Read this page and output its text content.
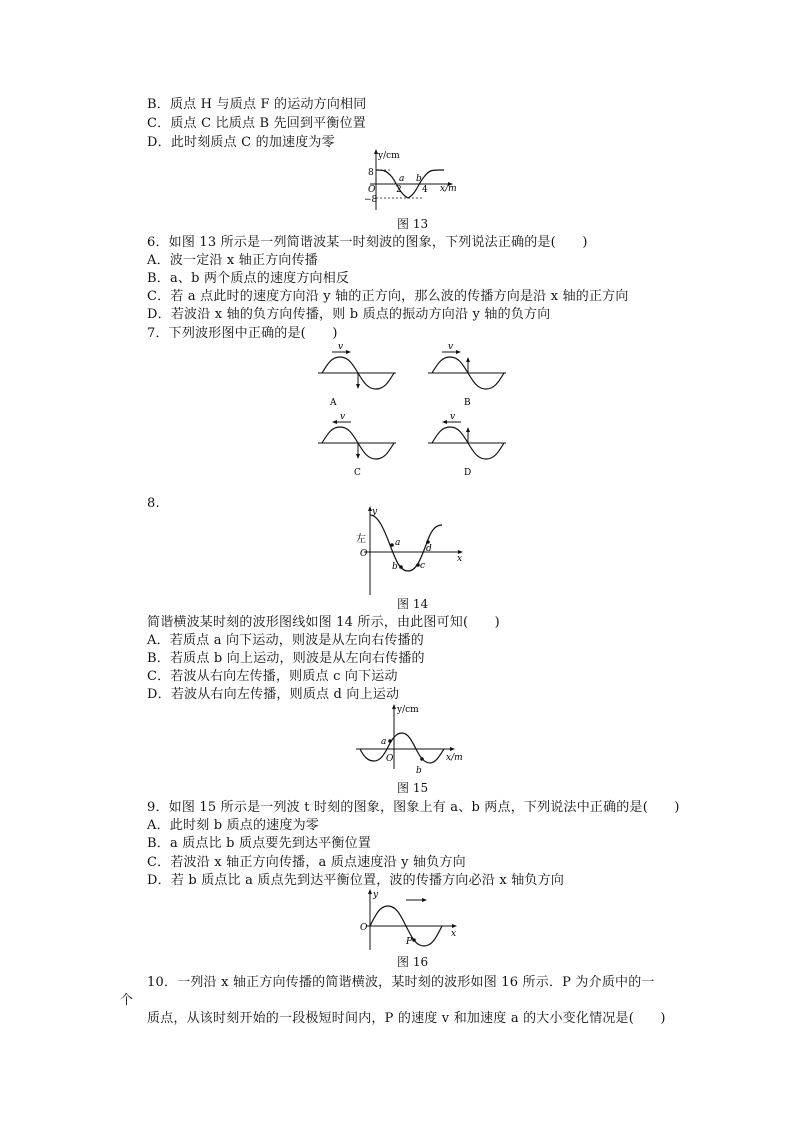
B．质点 H 与质点 F 的运动方向相同
C．质点 C 比质点 B 先回到平衡位置
D．此时刻质点 C 的加速度为零
y/cm
8
−8
O 2 4
a b
x/m
图 13
6．如图 13 所示是一列简谐波某一时刻波的图象，下列说法正确的是(　　)
A．波一定沿 x 轴正方向传播
B．a、b 两个质点的速度方向相反
C．若 a 点此时的速度方向沿 y 轴的正方向，那么波的传播方向是沿 x 轴的正方向
D．若波沿 x 轴的负方向传播，则 b 质点的振动方向沿 y 轴的负方向
7．下列波形图中正确的是(　　)
v
A
v
B
v
C
v
D
8.
y
左
O
a
b c
d
x
图 14
简谐横波某时刻的波形图线如图 14 所示，由此图可知(　　)
A．若质点 a 向下运动，则波是从左向右传播的
B．若质点 b 向上运动，则波是从左向右传播的
C．若波从右向左传播，则质点 c 向下运动
D．若波从右向左传播，则质点 d 向上运动
y/cm
a
O
b
x/m
图 15
9．如图 15 所示是一列波 t 时刻的图象，图象上有 a、b 两点，下列说法中正确的是(　　)
A．此时刻 b 质点的速度为零
B．a 质点比 b 质点要先到达平衡位置
C．若波沿 x 轴正方向传播，a 质点速度沿 y 轴负方向
D．若 b 质点比 a 质点先到达平衡位置，波的传播方向必沿 x 轴负方向
y
O
P
x
图 16
10．一列沿 x 轴正方向传播的简谐横波，某时刻的波形如图 16 所示．P 为介质中的一
个
质点，从该时刻开始的一段极短时间内，P 的速度 v 和加速度 a 的大小变化情况是(　　)
